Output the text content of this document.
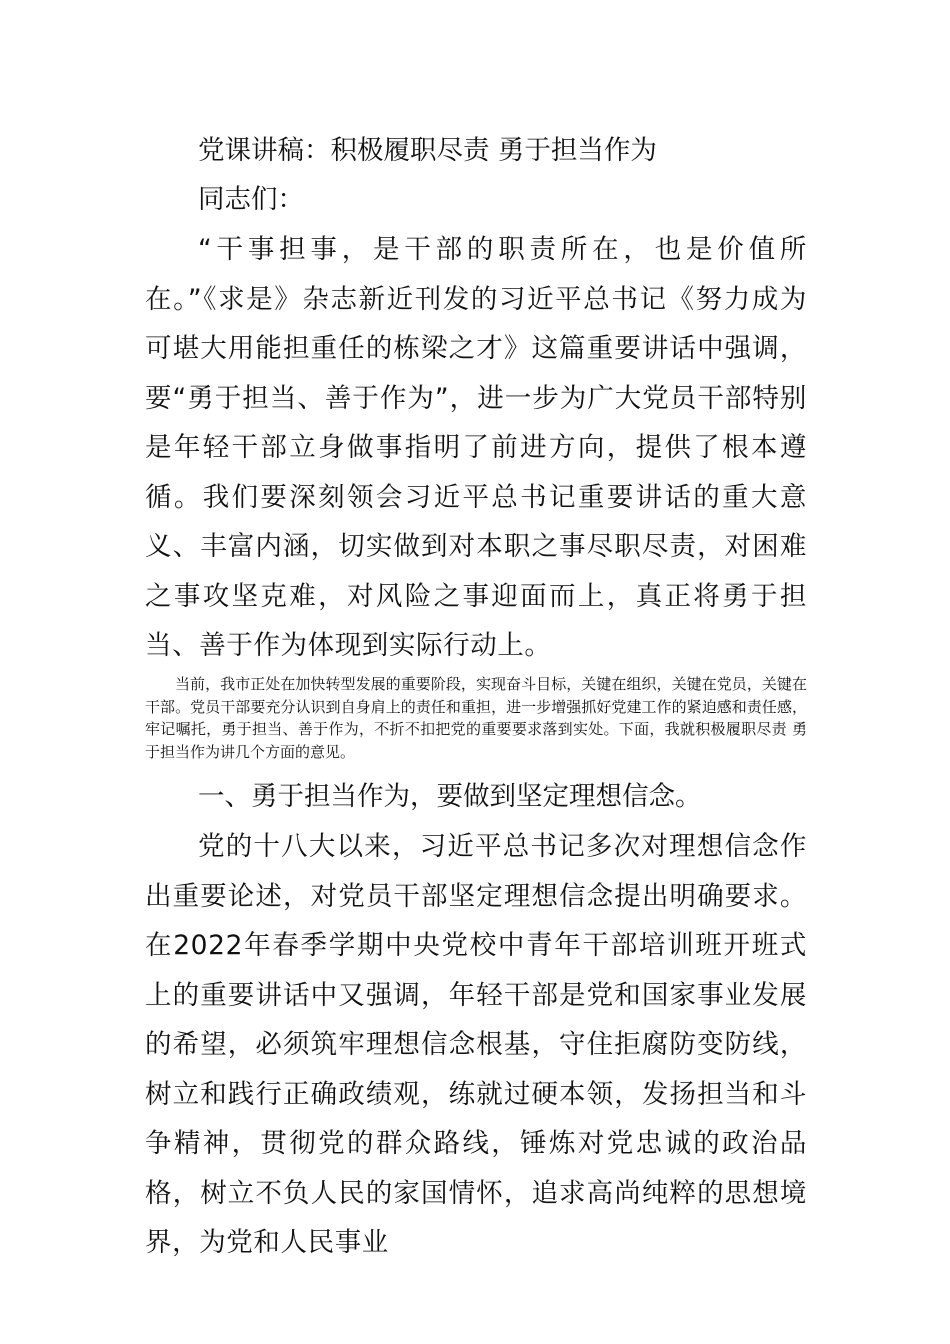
党课讲稿：积极履职尽责 勇于担当作为

同志们：

“干事担事，是干部的职责所在，也是价值所在。”《求是》杂志新近刊发的习近平总书记《努力成为可堪大用能担重任的栋梁之才》这篇重要讲话中强调，要“勇于担当、善于作为”，进一步为广大党员干部特别是年轻干部立身做事指明了前进方向，提供了根本遵循。我们要深刻领会习近平总书记重要讲话的重大意义、丰富内涵，切实做到对本职之事尽职尽责，对困难之事攻坚克难，对风险之事迎面而上，真正将勇于担当、善于作为体现到实际行动上。

当前，我市正处在加快转型发展的重要阶段，实现奋斗目标，关键在组织，关键在党员，关键在干部。党员干部要充分认识到自身肩上的责任和重担，进一步增强抓好党建工作的紧迫感和责任感，牢记嘱托，勇于担当、善于作为，不折不扣把党的重要要求落到实处。下面，我就积极履职尽责 勇于担当作为讲几个方面的意见。

一、勇于担当作为，要做到坚定理想信念。

党的十八大以来，习近平总书记多次对理想信念作出重要论述，对党员干部坚定理想信念提出明确要求。在2022年春季学期中央党校中青年干部培训班开班式上的重要讲话中又强调，年轻干部是党和国家事业发展的希望，必须筑牢理想信念根基，守住拒腐防变防线，树立和践行正确政绩观，练就过硬本领，发扬担当和斗争精神，贯彻党的群众路线，锤炼对党忠诚的政治品格，树立不负人民的家国情怀，追求高尚纯粹的思想境界，为党和人民事业
